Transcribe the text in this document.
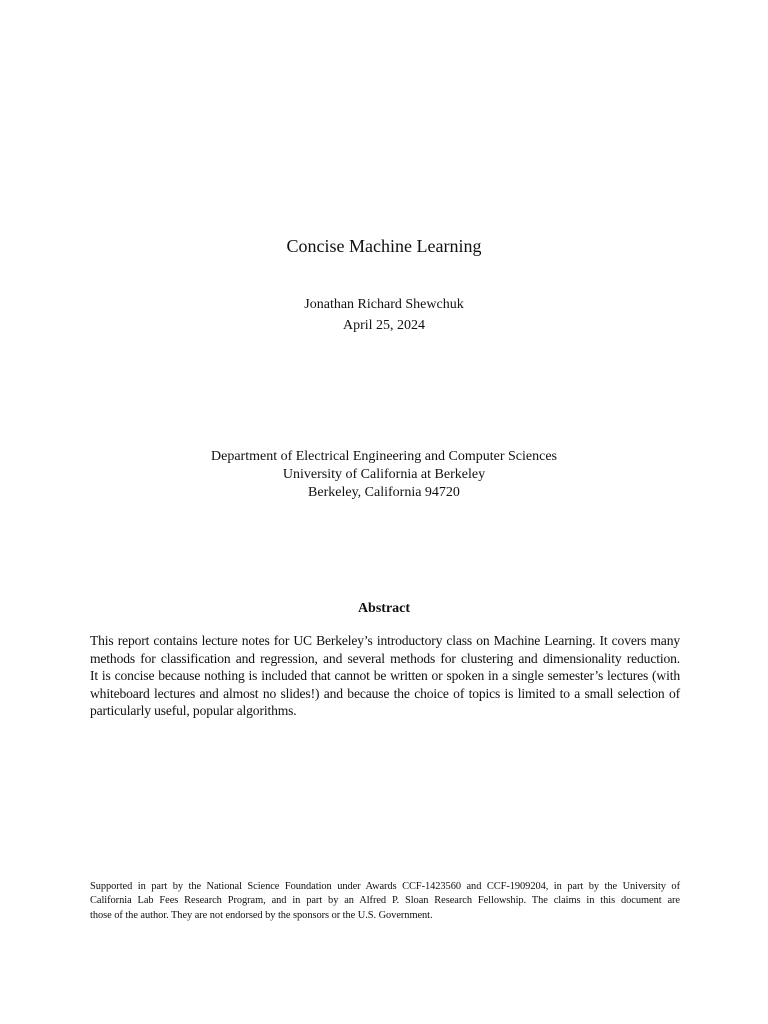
Concise Machine Learning
Jonathan Richard Shewchuk
April 25, 2024
Department of Electrical Engineering and Computer Sciences
University of California at Berkeley
Berkeley, California 94720
Abstract
This report contains lecture notes for UC Berkeley’s introductory class on Machine Learning. It covers many
methods for classification and regression, and several methods for clustering and dimensionality reduction.
It is concise because nothing is included that cannot be written or spoken in a single semester’s lectures (with
whiteboard lectures and almost no slides!) and because the choice of topics is limited to a small selection of
particularly useful, popular algorithms.
Supported in part by the National Science Foundation under Awards CCF-1423560 and CCF-1909204, in part by the University of
California Lab Fees Research Program, and in part by an Alfred P. Sloan Research Fellowship. The claims in this document are
those of the author. They are not endorsed by the sponsors or the U.S. Government.
